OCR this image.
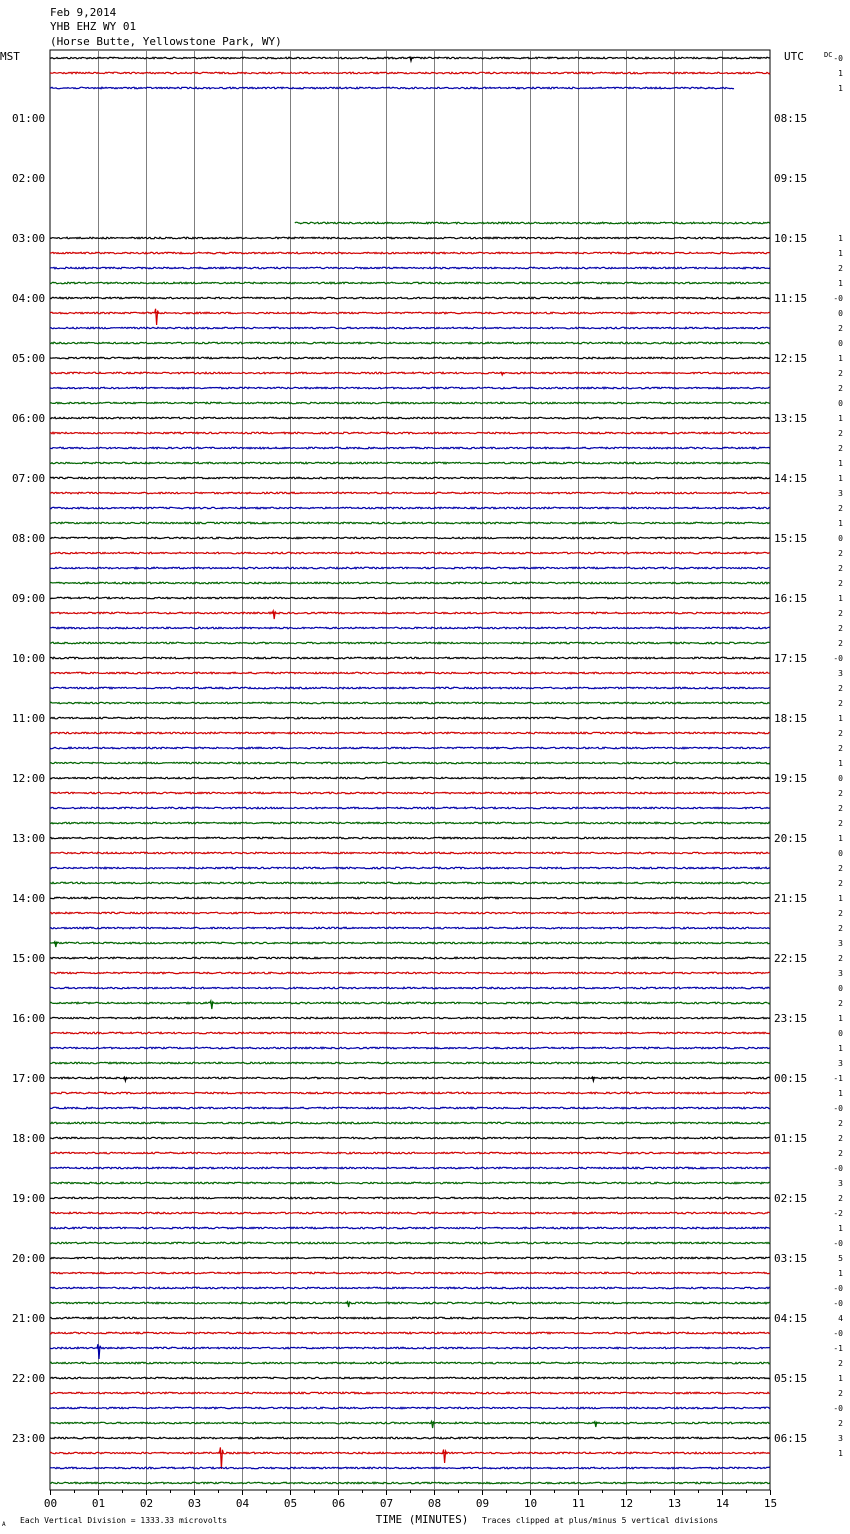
Feb 9,2014
YHB EHZ WY 01
(Horse Butte, Yellowstone Park, WY)
MST	UTC	DC
01:00
02:00
03:00
04:00
05:00
06:00
07:00
08:00
09:00
10:00
11:00
12:00
13:00
14:00
15:00
16:00
17:00
18:00
19:00
20:00
21:00
22:00
23:00
08:15
09:15
10:15
11:15
12:15
13:15
14:15
15:15
16:15
17:15
18:15
19:15
20:15
21:15
22:15
23:15
00:15
01:15
02:15
03:15
04:15
05:15
06:15
-0
1
1
1
1
2
1
-0
0
2
0
1
2
2
0
1
2
2
1
1
3
2
1
0
2
2
2
1
2
2
2
-0
3
2
2
1
2
2
1
0
2
2
2
1
0
2
2
1
2
2
3
2
3
0
2
1
0
1
3
-1
1
-0
2
2
2
-0
3
2
-2
1
-0
5
1
-0
-0
4
-0
-1
2
1
2
-0
2
3
1
00	01	02	03	04	05	06	07	08	09	10	11	12	13	14	15
TIME (MINUTES)
Each Vertical Division = 1333.33 microvolts	Traces clipped at plus/minus 5 vertical divisions
A
